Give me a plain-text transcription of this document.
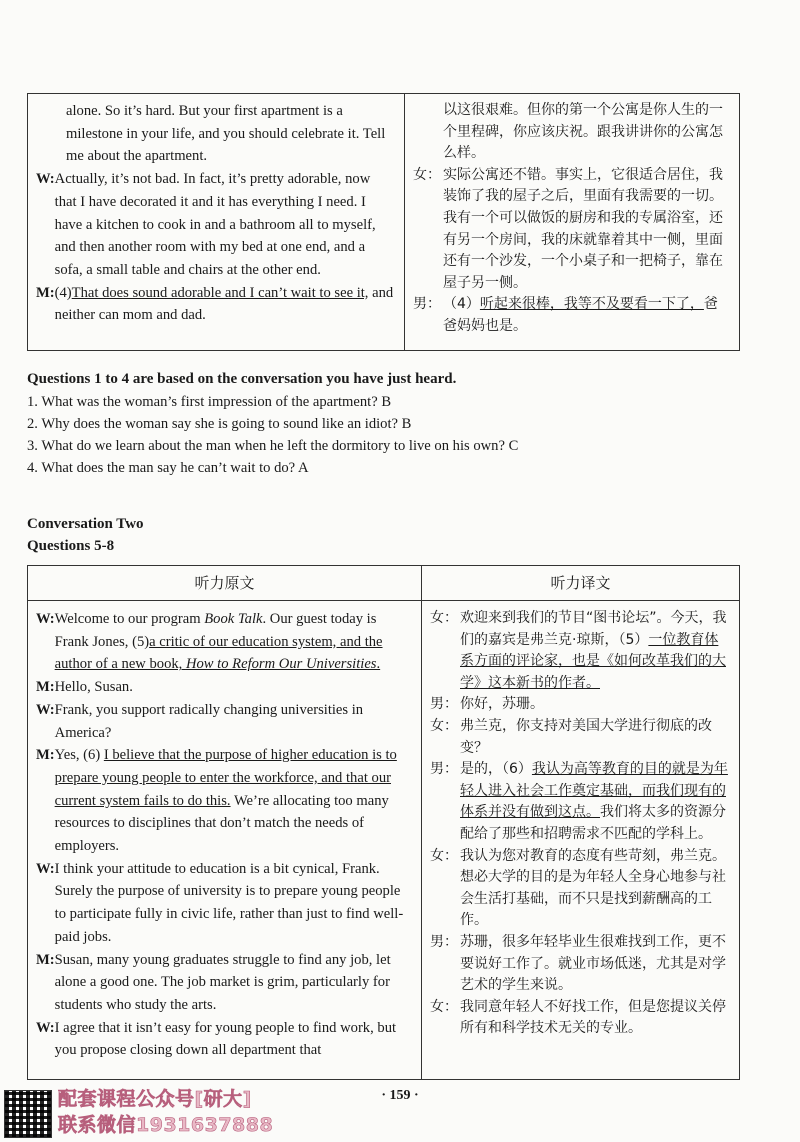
alone. So it’s hard. But your first apartment is a milestone in your life, and you should celebrate it. Tell me about the apartment.
W: Actually, it’s not bad. In fact, it’s pretty adorable, now that I have decorated it and it has everything I need. I have a kitchen to cook in and a bathroom all to myself, and then another room with my bed at one end, and a sofa, a small table and chairs at the other end.
M: (4)That does sound adorable and I can’t wait to see it, and neither can mom and dad.
以这很艰难。但你的第一个公寓是你人生的一个里程碑，你应该庆祝。跟我讲讲你的公寓怎么样。
女： 实际公寓还不错。事实上，它很适合居住，我装饰了我的屋子之后，里面有我需要的一切。我有一个可以做饭的厨房和我的专属浴室，还有另一个房间，我的床就靠着其中一侧，里面还有一个沙发，一个小桌子和一把椅子，靠在屋子另一侧。
男： （4）听起来很棒，我等不及要看一下了，爸爸妈妈也是。
Questions 1 to 4 are based on the conversation you have just heard.
1. What was the woman’s first impression of the apartment? B
2. Why does the woman say she is going to sound like an idiot? B
3. What do we learn about the man when he left the dormitory to live on his own? C
4. What does the man say he can’t wait to do? A
Conversation Two
Questions 5-8
听力原文
W: Welcome to our program Book Talk. Our guest today is Frank Jones, (5)a critic of our education system, and the author of a new book, How to Reform Our Universities.
M: Hello, Susan.
W: Frank, you support radically changing universities in America?
M: Yes, (6) I believe that the purpose of higher education is to prepare young people to enter the workforce, and that our current system fails to do this. We’re allocating too many resources to disciplines that don’t match the needs of employers.
W: I think your attitude to education is a bit cynical, Frank. Surely the purpose of university is to prepare young people to participate fully in civic life, rather than just to find well-paid jobs.
M: Susan, many young graduates struggle to find any job, let alone a good one. The job market is grim, particularly for students who study the arts.
W: I agree that it isn’t easy for young people to find work, but you propose closing down all department that
听力译文
女： 欢迎来到我们的节目“图书论坛”。今天，我们的嘉宾是弗兰克·琼斯，（5）一位教育体系方面的评论家，也是《如何改革我们的大学》这本新书的作者。
男： 你好，苏珊。
女： 弗兰克，你支持对美国大学进行彻底的改变？
男： 是的，（6）我认为高等教育的目的就是为年轻人进入社会工作奠定基础，而我们现有的体系并没有做到这点。我们将太多的资源分配给了那些和招聘需求不匹配的学科上。
女： 我认为您对教育的态度有些苛刻，弗兰克。想必大学的目的是为年轻人全身心地参与社会生活打基础，而不只是找到薪酬高的工作。
男： 苏珊，很多年轻毕业生很难找到工作，更不要说好工作了。就业市场低迷，尤其是对学艺术的学生来说。
女： 我同意年轻人不好找工作，但是您提议关停所有和科学技术无关的专业。
· 159 ·
配套课程公众号[研大]
联系微信1931637888
